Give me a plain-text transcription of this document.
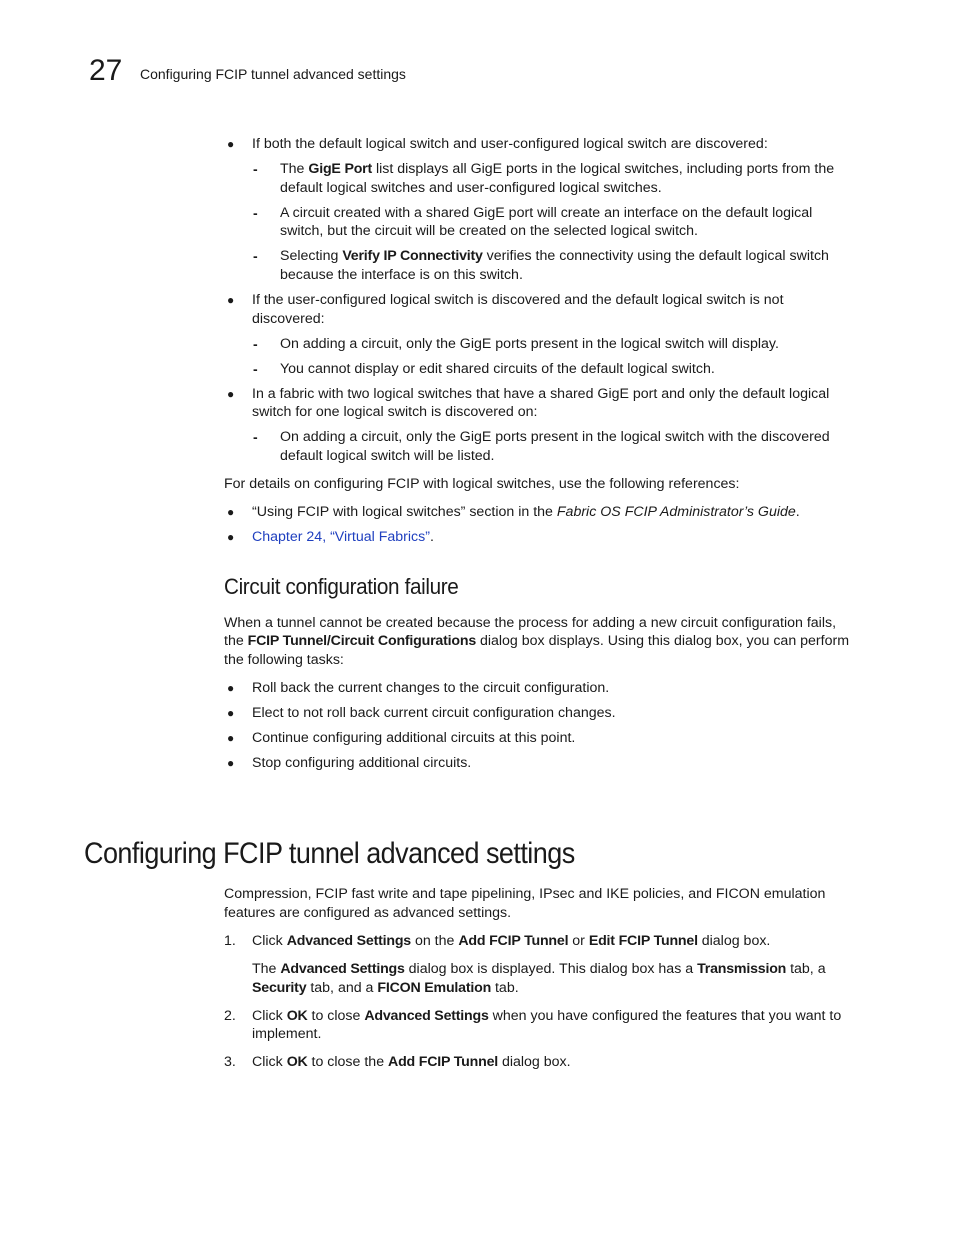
27 Configuring FCIP tunnel advanced settings
● If both the default logical switch and user-configured logical switch are discovered:
- The GigE Port list displays all GigE ports in the logical switches, including ports from the
default logical switches and user-configured logical switches.
- A circuit created with a shared GigE port will create an interface on the default logical
switch, but the circuit will be created on the selected logical switch.
- Selecting Verify IP Connectivity verifies the connectivity using the default logical switch
because the interface is on this switch.
● If the user-configured logical switch is discovered and the default logical switch is not
discovered:
- On adding a circuit, only the GigE ports present in the logical switch will display.
- You cannot display or edit shared circuits of the default logical switch.
● In a fabric with two logical switches that have a shared GigE port and only the default logical
switch for one logical switch is discovered on:
- On adding a circuit, only the GigE ports present in the logical switch with the discovered
default logical switch will be listed.
For details on configuring FCIP with logical switches, use the following references:
● “Using FCIP with logical switches” section in the Fabric OS FCIP Administrator’s Guide.
● Chapter 24, “Virtual Fabrics”.
Circuit configuration failure
When a tunnel cannot be created because the process for adding a new circuit configuration fails,
the FCIP Tunnel/Circuit Configurations dialog box displays. Using this dialog box, you can perform
the following tasks:
● Roll back the current changes to the circuit configuration.
● Elect to not roll back current circuit configuration changes.
● Continue configuring additional circuits at this point.
● Stop configuring additional circuits.
Configuring FCIP tunnel advanced settings
Compression, FCIP fast write and tape pipelining, IPsec and IKE policies, and FICON emulation
features are configured as advanced settings.
1. Click Advanced Settings on the Add FCIP Tunnel or Edit FCIP Tunnel dialog box.
The Advanced Settings dialog box is displayed. This dialog box has a Transmission tab, a
Security tab, and a FICON Emulation tab.
2. Click OK to close Advanced Settings when you have configured the features that you want to
implement.
3. Click OK to close the Add FCIP Tunnel dialog box.
